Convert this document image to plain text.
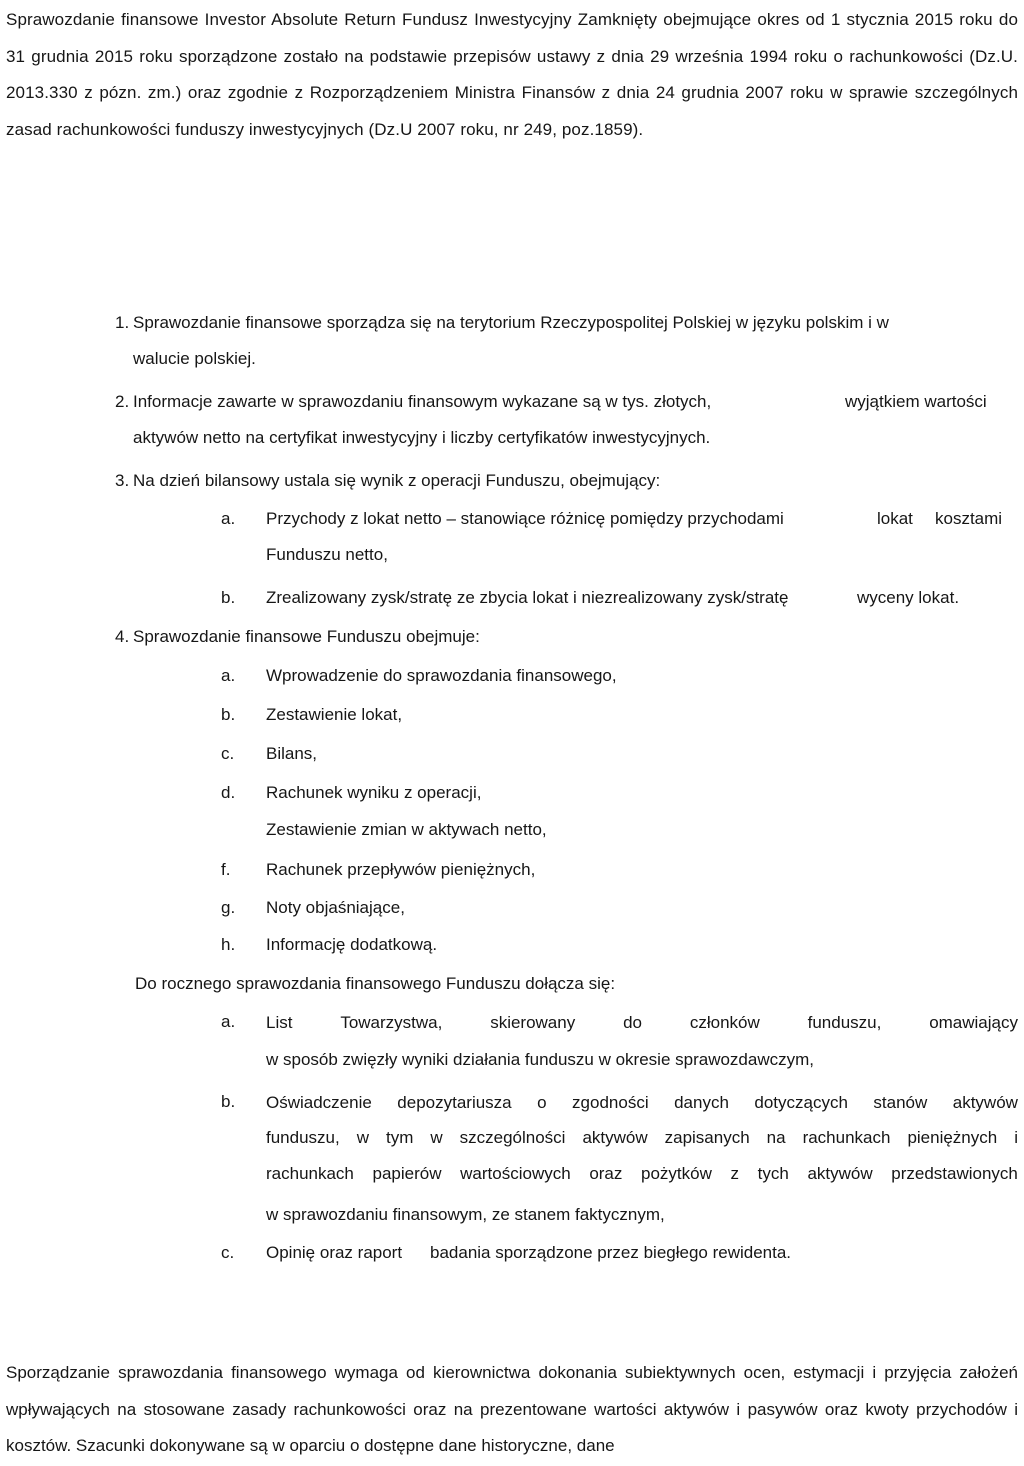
Sprawozdanie finansowe Investor Absolute Return Fundusz Inwestycyjny Zamknięty obejmujące okres od 1 stycznia 2015 roku do 31 grudnia 2015 roku sporządzone zostało na podstawie przepisów ustawy z dnia 29 września 1994 roku o rachunkowości (Dz.U. 2013.330 z pózn. zm.) oraz zgodnie z Rozporządzeniem Ministra Finansów z dnia 24 grudnia 2007 roku w sprawie szczególnych zasad rachunkowości funduszy inwestycyjnych (Dz.U 2007 roku, nr 249, poz.1859).

1. Sprawozdanie finansowe sporządza się na terytorium Rzeczypospolitej Polskiej w języku polskim i w
walucie polskiej.
2. Informacje zawarte w sprawozdaniu finansowym wykazane są w tys. złotych,	wyjątkiem wartości
aktywów netto na certyfikat inwestycyjny i liczby certyfikatów inwestycyjnych.
3. Na dzień bilansowy ustala się wynik z operacji Funduszu, obejmujący:
a. Przychody z lokat netto – stanowiące różnicę pomiędzy przychodami	lokat kosztami
Funduszu netto,
b. Zrealizowany zysk/stratę ze zbycia lokat i niezrealizowany zysk/stratę	wyceny lokat.
4. Sprawozdanie finansowe Funduszu obejmuje:
a. Wprowadzenie do sprawozdania finansowego,
b. Zestawienie lokat,
c. Bilans,
d. Rachunek wyniku z operacji,
Zestawienie zmian w aktywach netto,
f. Rachunek przepływów pieniężnych,
g. Noty objaśniające,
h. Informację dodatkową.
Do rocznego sprawozdania finansowego Funduszu dołącza się:
a. List	Towarzystwa,	skierowany	do	członków	funduszu,	omawiający
w sposób zwięzły wyniki działania funduszu w okresie sprawozdawczym,
b. Oświadczenie depozytariusza o zgodności danych dotyczących stanów aktywów
funduszu, w tym w szczególności aktywów zapisanych na rachunkach pieniężnych i
rachunkach papierów wartościowych oraz pożytków z tych aktywów przedstawionych
w sprawozdaniu finansowym, ze stanem faktycznym,
c. Opinię oraz raport badania sporządzone przez biegłego rewidenta.

Sporządzanie sprawozdania finansowego wymaga od kierownictwa dokonania subiektywnych ocen, estymacji i przyjęcia założeń wpływających na stosowane zasady rachunkowości oraz na prezentowane wartości aktywów i pasywów oraz kwoty przychodów i kosztów. Szacunki dokonywane są w oparciu o dostępne dane historyczne, dane
